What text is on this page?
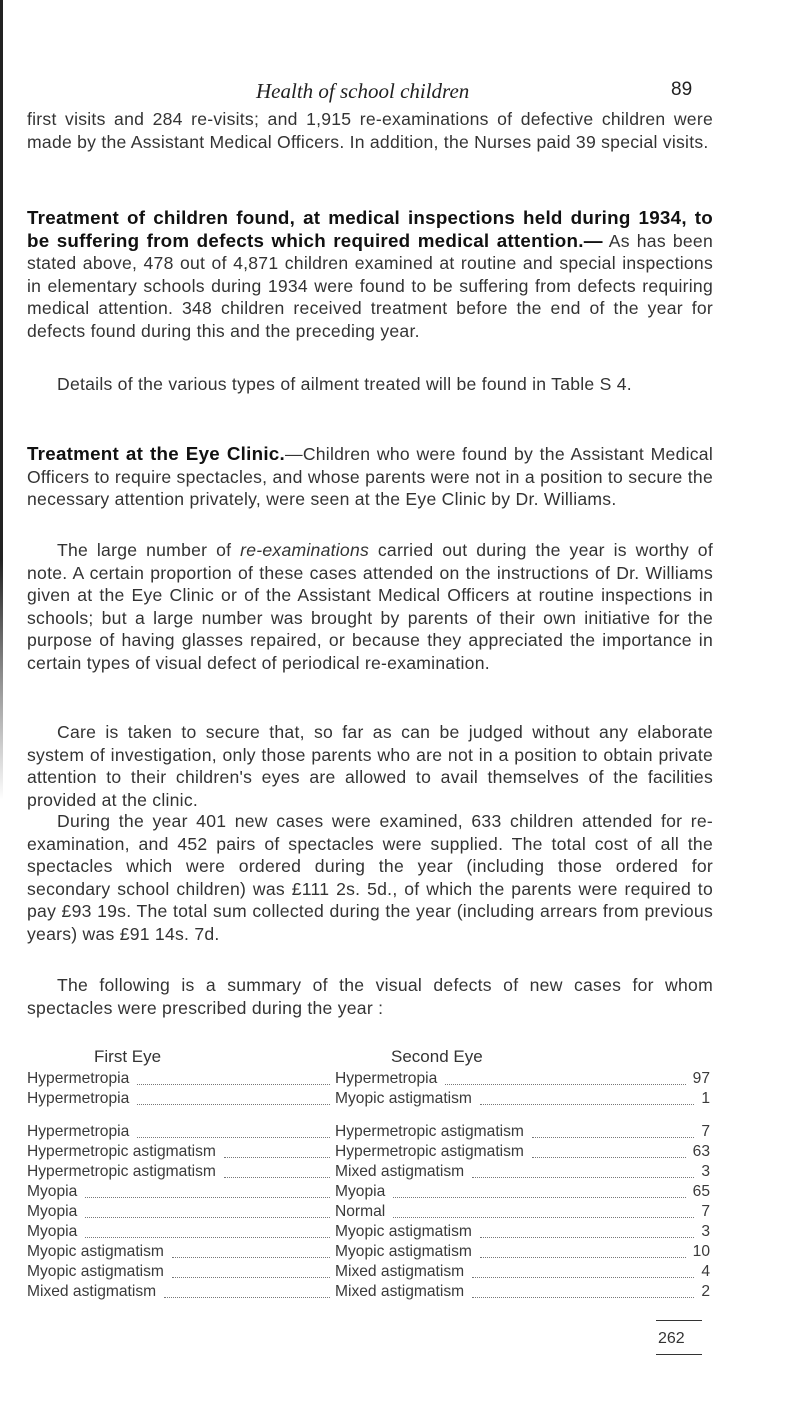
Health of school children	89

first visits and 284 re-visits; and 1,915 re-examinations of defective children were made by the Assistant Medical Officers. In addition, the Nurses paid 39 special visits.

Treatment of children found, at medical inspections held during 1934, to be suffering from defects which required medical attention.— As has been stated above, 478 out of 4,871 children examined at routine and special inspections in elementary schools during 1934 were found to be suffering from defects requiring medical attention. 348 children received treatment before the end of the year for defects found during this and the preceding year.

Details of the various types of ailment treated will be found in Table S 4.

Treatment at the Eye Clinic.—Children who were found by the Assistant Medical Officers to require spectacles, and whose parents were not in a position to secure the necessary attention privately, were seen at the Eye Clinic by Dr. Williams.

The large number of re-examinations carried out during the year is worthy of note. A certain proportion of these cases attended on the instructions of Dr. Williams given at the Eye Clinic or of the Assistant Medical Officers at routine inspections in schools; but a large number was brought by parents of their own initiative for the purpose of having glasses repaired, or because they appreciated the importance in certain types of visual defect of periodical re-examination.

Care is taken to secure that, so far as can be judged without any elaborate system of investigation, only those parents who are not in a position to obtain private attention to their children's eyes are allowed to avail themselves of the facilities provided at the clinic.

During the year 401 new cases were examined, 633 children attended for re-examination, and 452 pairs of spectacles were supplied. The total cost of all the spectacles which were ordered during the year (including those ordered for secondary school children) was £111 2s. 5d., of which the parents were required to pay £93 19s. The total sum collected during the year (including arrears from previous years) was £91 14s. 7d.

The following is a summary of the visual defects of new cases for whom spectacles were prescribed during the year :

First Eye	Second Eye
Hypermetropia	Hypermetropia	97
Hypermetropia	Myopic astigmatism	1
Hypermetropia	Hypermetropic astigmatism	7
Hypermetropic astigmatism	Hypermetropic astigmatism	63
Hypermetropic astigmatism	Mixed astigmatism	3
Myopia	Myopia	65
Myopia	Normal	7
Myopia	Myopic astigmatism	3
Myopic astigmatism	Myopic astigmatism	10
Myopic astigmatism	Mixed astigmatism	4
Mixed astigmatism	Mixed astigmatism	2
262
